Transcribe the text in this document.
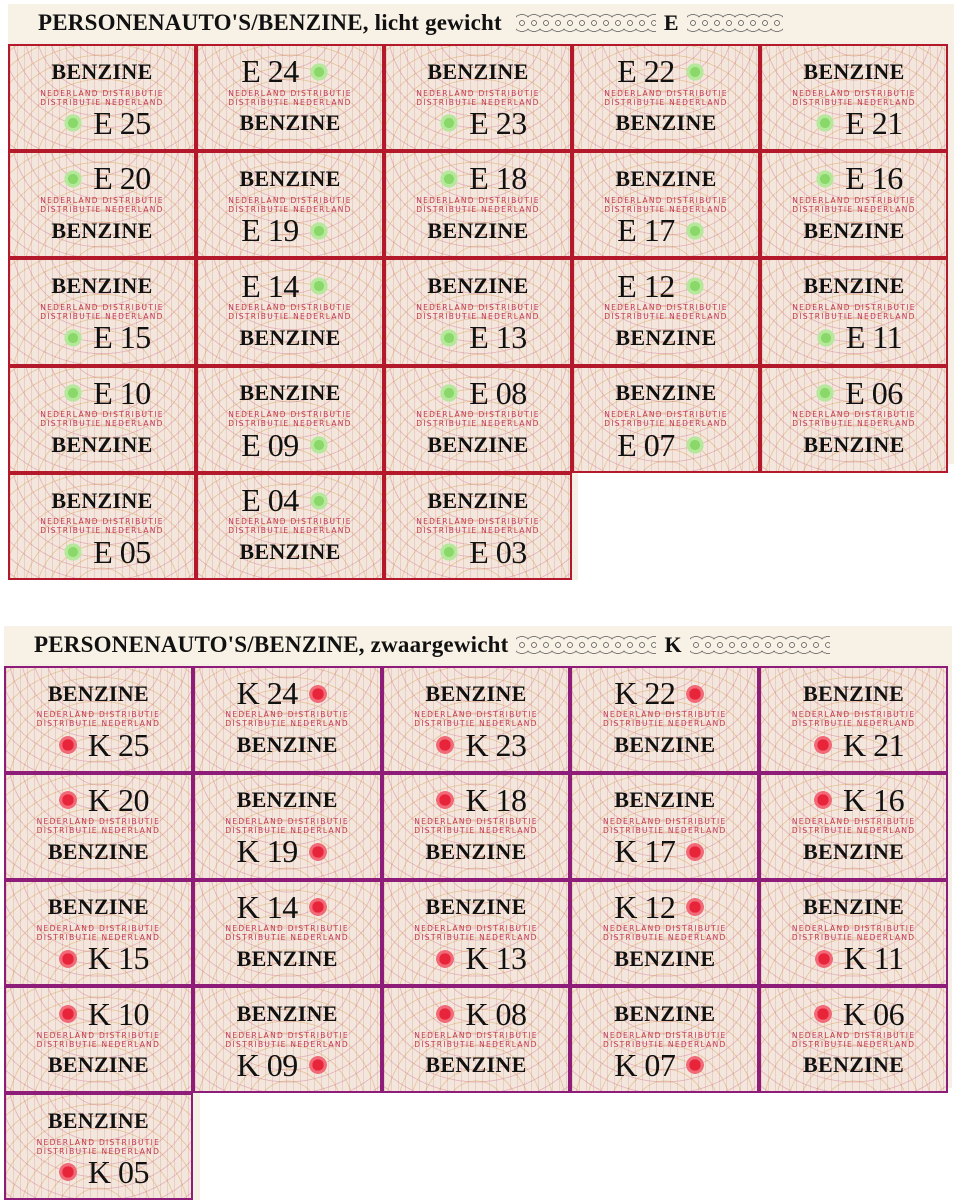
PERSONENAUTO'S/BENZINE, licht gewicht	E
BENZINE
NEDERLAND DISTRIBUTIE
DISTRIBUTIE NEDERLAND
E 25
E 24
NEDERLAND DISTRIBUTIE
DISTRIBUTIE NEDERLAND
BENZINE
BENZINE
NEDERLAND DISTRIBUTIE
DISTRIBUTIE NEDERLAND
E 23
E 22
NEDERLAND DISTRIBUTIE
DISTRIBUTIE NEDERLAND
BENZINE
BENZINE
NEDERLAND DISTRIBUTIE
DISTRIBUTIE NEDERLAND
E 21
E 20
NEDERLAND DISTRIBUTIE
DISTRIBUTIE NEDERLAND
BENZINE
BENZINE
NEDERLAND DISTRIBUTIE
DISTRIBUTIE NEDERLAND
E 19
E 18
NEDERLAND DISTRIBUTIE
DISTRIBUTIE NEDERLAND
BENZINE
BENZINE
NEDERLAND DISTRIBUTIE
DISTRIBUTIE NEDERLAND
E 17
E 16
NEDERLAND DISTRIBUTIE
DISTRIBUTIE NEDERLAND
BENZINE
BENZINE
NEDERLAND DISTRIBUTIE
DISTRIBUTIE NEDERLAND
E 15
E 14
NEDERLAND DISTRIBUTIE
DISTRIBUTIE NEDERLAND
BENZINE
BENZINE
NEDERLAND DISTRIBUTIE
DISTRIBUTIE NEDERLAND
E 13
E 12
NEDERLAND DISTRIBUTIE
DISTRIBUTIE NEDERLAND
BENZINE
BENZINE
NEDERLAND DISTRIBUTIE
DISTRIBUTIE NEDERLAND
E 11
E 10
NEDERLAND DISTRIBUTIE
DISTRIBUTIE NEDERLAND
BENZINE
BENZINE
NEDERLAND DISTRIBUTIE
DISTRIBUTIE NEDERLAND
E 09
E 08
NEDERLAND DISTRIBUTIE
DISTRIBUTIE NEDERLAND
BENZINE
BENZINE
NEDERLAND DISTRIBUTIE
DISTRIBUTIE NEDERLAND
E 07
E 06
NEDERLAND DISTRIBUTIE
DISTRIBUTIE NEDERLAND
BENZINE
BENZINE
NEDERLAND DISTRIBUTIE
DISTRIBUTIE NEDERLAND
E 05
E 04
NEDERLAND DISTRIBUTIE
DISTRIBUTIE NEDERLAND
BENZINE
BENZINE
NEDERLAND DISTRIBUTIE
DISTRIBUTIE NEDERLAND
E 03
PERSONENAUTO'S/BENZINE, zwaargewicht	K
BENZINE
NEDERLAND DISTRIBUTIE
DISTRIBUTIE NEDERLAND
K 25
K 24
NEDERLAND DISTRIBUTIE
DISTRIBUTIE NEDERLAND
BENZINE
BENZINE
NEDERLAND DISTRIBUTIE
DISTRIBUTIE NEDERLAND
K 23
K 22
NEDERLAND DISTRIBUTIE
DISTRIBUTIE NEDERLAND
BENZINE
BENZINE
NEDERLAND DISTRIBUTIE
DISTRIBUTIE NEDERLAND
K 21
K 20
NEDERLAND DISTRIBUTIE
DISTRIBUTIE NEDERLAND
BENZINE
BENZINE
NEDERLAND DISTRIBUTIE
DISTRIBUTIE NEDERLAND
K 19
K 18
NEDERLAND DISTRIBUTIE
DISTRIBUTIE NEDERLAND
BENZINE
BENZINE
NEDERLAND DISTRIBUTIE
DISTRIBUTIE NEDERLAND
K 17
K 16
NEDERLAND DISTRIBUTIE
DISTRIBUTIE NEDERLAND
BENZINE
BENZINE
NEDERLAND DISTRIBUTIE
DISTRIBUTIE NEDERLAND
K 15
K 14
NEDERLAND DISTRIBUTIE
DISTRIBUTIE NEDERLAND
BENZINE
BENZINE
NEDERLAND DISTRIBUTIE
DISTRIBUTIE NEDERLAND
K 13
K 12
NEDERLAND DISTRIBUTIE
DISTRIBUTIE NEDERLAND
BENZINE
BENZINE
NEDERLAND DISTRIBUTIE
DISTRIBUTIE NEDERLAND
K 11
K 10
NEDERLAND DISTRIBUTIE
DISTRIBUTIE NEDERLAND
BENZINE
BENZINE
NEDERLAND DISTRIBUTIE
DISTRIBUTIE NEDERLAND
K 09
K 08
NEDERLAND DISTRIBUTIE
DISTRIBUTIE NEDERLAND
BENZINE
BENZINE
NEDERLAND DISTRIBUTIE
DISTRIBUTIE NEDERLAND
K 07
K 06
NEDERLAND DISTRIBUTIE
DISTRIBUTIE NEDERLAND
BENZINE
BENZINE
NEDERLAND DISTRIBUTIE
DISTRIBUTIE NEDERLAND
K 05
